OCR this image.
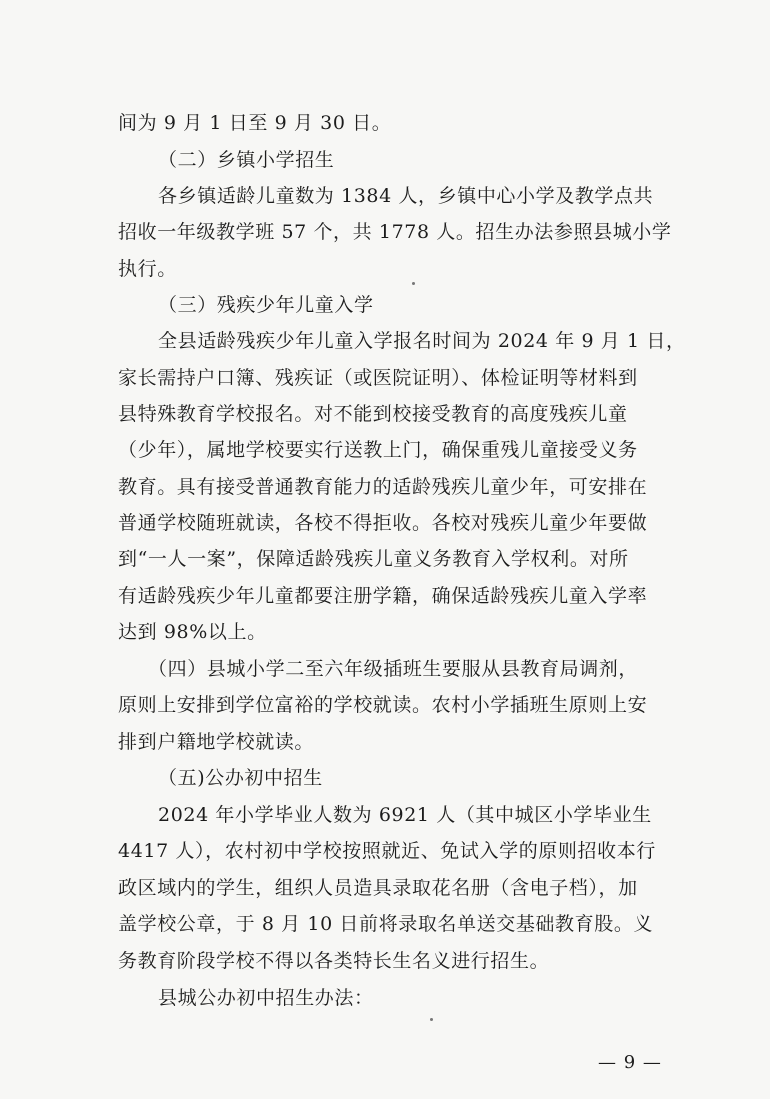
间为 9 月 1 日至 9 月 30 日。
（二）乡镇小学招生
各乡镇适龄儿童数为 1384 人，乡镇中心小学及教学点共
招收一年级教学班 57 个，共 1778 人。招生办法参照县城小学
执行。
（三）残疾少年儿童入学
全县适龄残疾少年儿童入学报名时间为 2024 年 9 月 1 日，
家长需持户口簿、残疾证（或医院证明）、体检证明等材料到
县特殊教育学校报名。对不能到校接受教育的高度残疾儿童
（少年），属地学校要实行送教上门，确保重残儿童接受义务
教育。具有接受普通教育能力的适龄残疾儿童少年，可安排在
普通学校随班就读，各校不得拒收。各校对残疾儿童少年要做
到“一人一案”，保障适龄残疾儿童义务教育入学权利。对所
有适龄残疾少年儿童都要注册学籍，确保适龄残疾儿童入学率
达到 98%以上。
（四）县城小学二至六年级插班生要服从县教育局调剂，
原则上安排到学位富裕的学校就读。农村小学插班生原则上安
排到户籍地学校就读。
（五)公办初中招生
2024 年小学毕业人数为 6921 人（其中城区小学毕业生
4417 人），农村初中学校按照就近、免试入学的原则招收本行
政区域内的学生，组织人员造具录取花名册（含电子档），加
盖学校公章，于 8 月 10 日前将录取名单送交基础教育股。义
务教育阶段学校不得以各类特长生名义进行招生。
县城公办初中招生办法：
— 9 —
